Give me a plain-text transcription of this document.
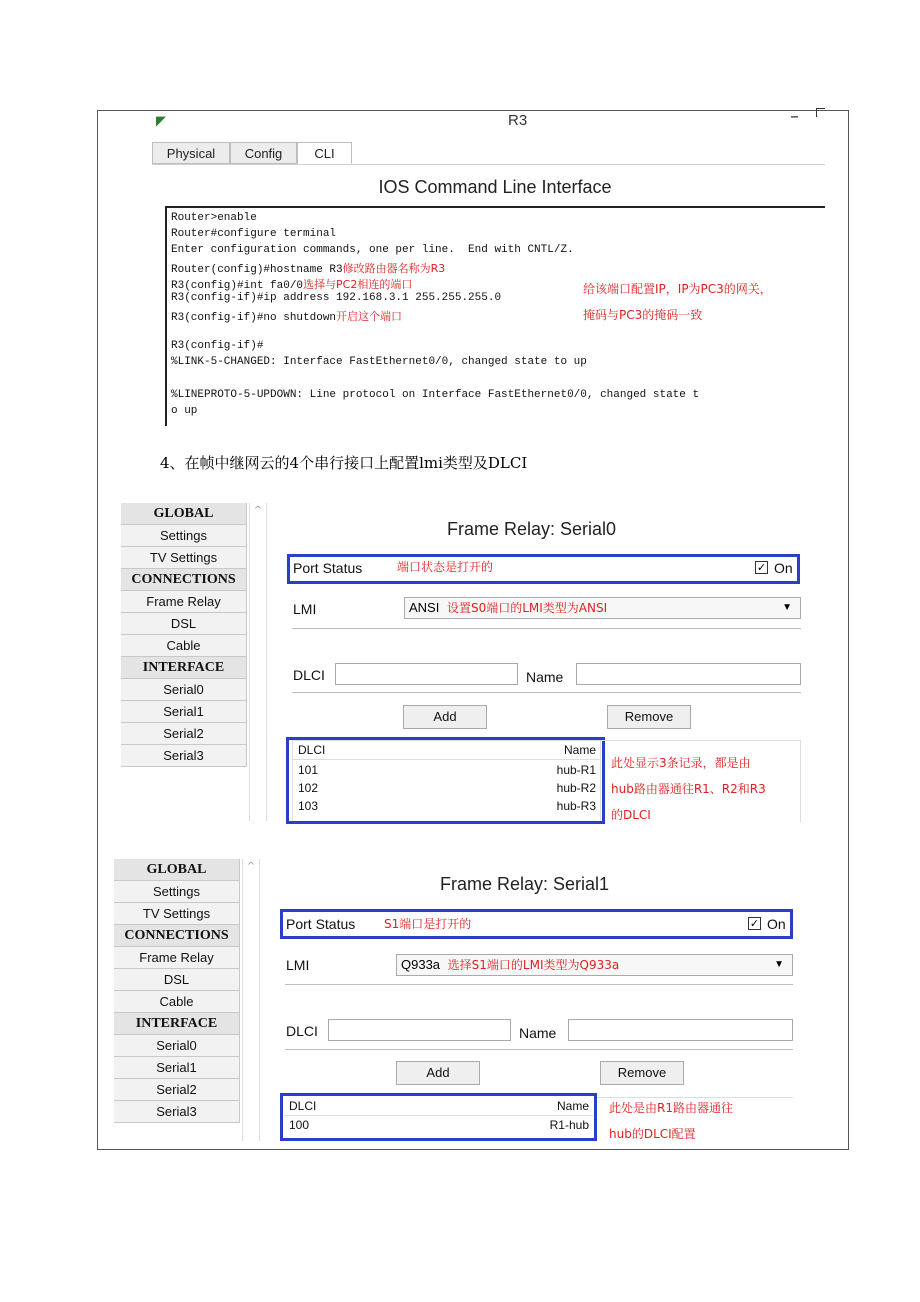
◤	R3	–
Physical	Config	CLI
IOS Command Line Interface
Router>enable
Router#configure terminal
Enter configuration commands, one per line.  End with CNTL/Z.
Router(config)#hostname R3修改路由器名称为R3
R3(config)#int fa0/0选择与PC2相连的端口
R3(config-if)#ip address 192.168.3.1 255.255.255.0
R3(config-if)#no shutdown开启这个端口
R3(config-if)#
%LINK-5-CHANGED: Interface FastEthernet0/0, changed state to up
%LINEPROTO-5-UPDOWN: Line protocol on Interface FastEthernet0/0, changed state t
o up
给该端口配置IP，IP为PC3的网关，
掩码与PC3的掩码一致
4、在帧中继网云的4个串行接口上配置lmi类型及DLCI
GLOBAL
Settings
TV Settings
CONNECTIONS
Frame Relay
DSL
Cable
INTERFACE
Serial0
Serial1
Serial2
Serial3
^
Frame Relay: Serial0
Port Status	端口状态是打开的	✓ On
LMI	ANSI 设置S0端口的LMI类型为ANSI	▼
DLCI	Name
Add	Remove
DLCI	Name
101	hub-R1
102	hub-R2
103	hub-R3
此处显示3条记录，都是由
hub路由器通往R1、R2和R3
的DLCI
GLOBAL
Settings
TV Settings
CONNECTIONS
Frame Relay
DSL
Cable
INTERFACE
Serial0
Serial1
Serial2
Serial3
^
Frame Relay: Serial1
Port Status S1端口是打开的	✓ On
LMI	Q933a 选择S1端口的LMI类型为Q933a	▼
DLCI	Name
Add	Remove
DLCI	Name
100	R1-hub
此处是由R1路由器通往
hub的DLCI配置
